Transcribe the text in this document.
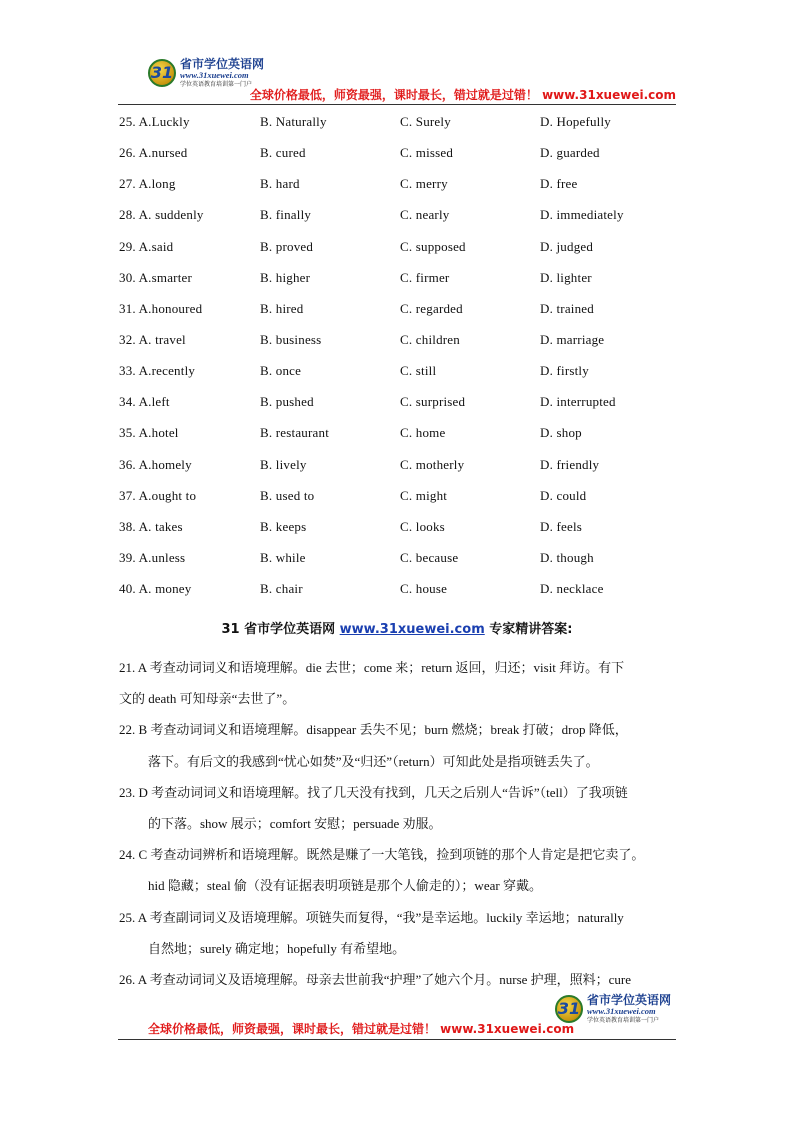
31 省市学位英语网
www.31xuewei.com
学位英语教育培训第一门户
全球价格最低，师资最强，课时最长，错过就是过错！ www.31xuewei.com
25. A.Luckly	B. Naturally	C. Surely	D. Hopefully
26. A.nursed	B. cured	C. missed	D. guarded
27. A.long	B. hard	C. merry	D. free
28. A. suddenly	B. finally	C. nearly	D. immediately
29. A.said	B. proved	C. supposed	D. judged
30. A.smarter	B. higher	C. firmer	D. lighter
31. A.honoured	B. hired	C. regarded	D. trained
32. A. travel	B. business	C. children	D. marriage
33. A.recently	B. once	C. still	D. firstly
34. A.left	B. pushed	C. surprised	D. interrupted
35. A.hotel	B. restaurant	C. home	D. shop
36. A.homely	B. lively	C. motherly	D. friendly
37. A.ought to	B. used to	C. might	D. could
38. A. takes	B. keeps	C. looks	D. feels
39. A.unless	B. while	C. because	D. though
40. A. money	B. chair	C. house	D. necklace
31 省市学位英语网 www.31xuewei.com 专家精讲答案:
21. A 考查动词词义和语境理解。die 去世；come 来；return 返回，归还；visit 拜访。有下
文的 death 可知母亲“去世了”。
22. B 考查动词词义和语境理解。disappear 丢失不见；burn 燃烧；break 打破；drop 降低，
落下。有后文的我感到“忧心如焚”及“归还”（return）可知此处是指项链丢失了。
23. D 考查动词词义和语境理解。找了几天没有找到，几天之后别人“告诉”（tell）了我项链
的下落。show 展示；comfort 安慰；persuade 劝服。
24. C 考查动词辨析和语境理解。既然是赚了一大笔钱，捡到项链的那个人肯定是把它卖了。
hid 隐藏；steal 偷（没有证据表明项链是那个人偷走的）；wear 穿戴。
25. A 考查副词词义及语境理解。项链失而复得，“我”是幸运地。luckily 幸运地；naturally
自然地；surely 确定地；hopefully 有希望地。
26. A 考查动词词义及语境理解。母亲去世前我“护理”了她六个月。nurse 护理，照料；cure
31 省市学位英语网
www.31xuewei.com
学位英语教育培训第一门户
全球价格最低，师资最强，课时最长，错过就是过错！ www.31xuewei.com
